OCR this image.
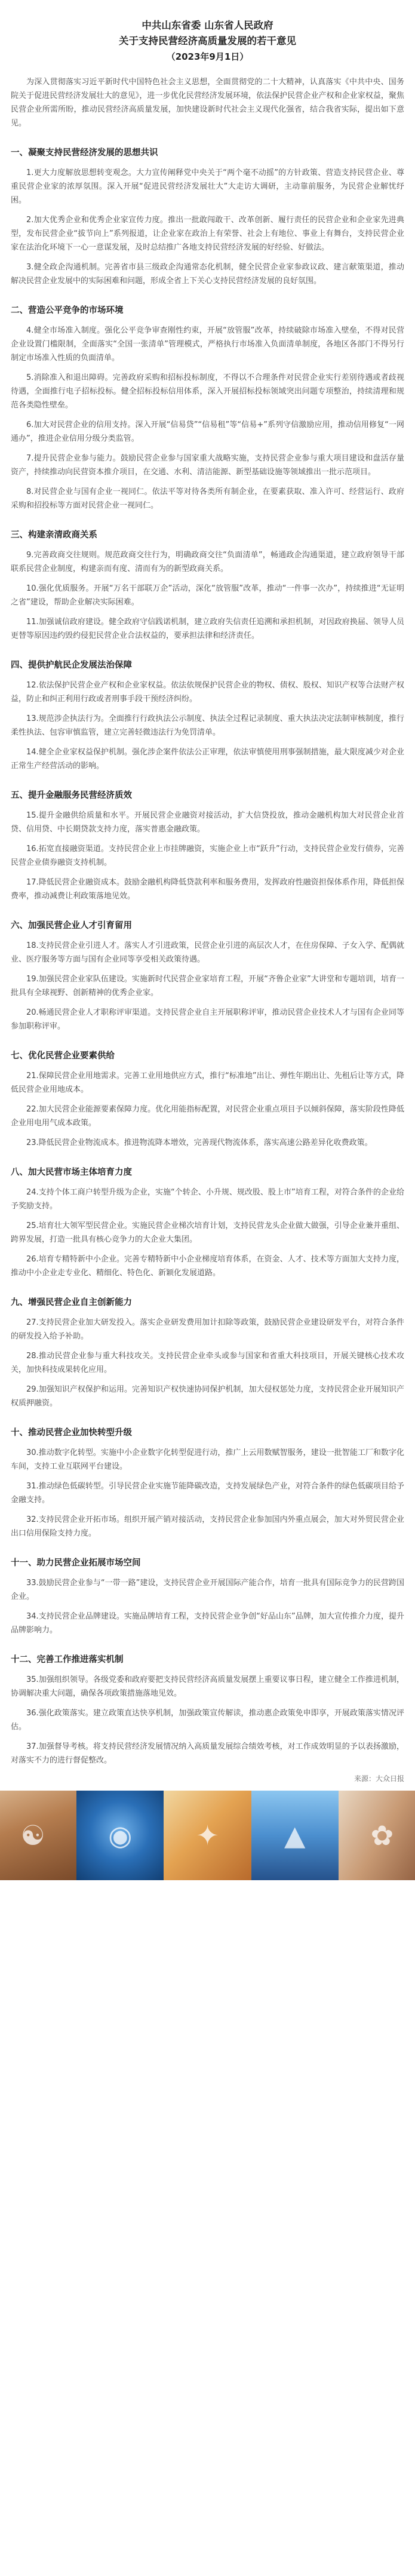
中共山东省委 山东省人民政府
关于支持民营经济高质量发展的若干意见
（2023年9月1日）

为深入贯彻落实习近平新时代中国特色社会主义思想，全面贯彻党的二十大精神，认真落实《中共中央、国务院关于促进民营经济发展壮大的意见》，进一步优化民营经济发展环境，依法保护民营企业产权和企业家权益，聚焦民营企业所需所盼，推动民营经济高质量发展，加快建设新时代社会主义现代化强省，结合我省实际，提出如下意见。

一、凝聚支持民营经济发展的思想共识

1.更大力度解放思想转变观念。大力宣传阐释党中央关于“两个毫不动摇”的方针政策、营造支持民营企业、尊重民营企业家的浓厚氛围。深入开展“促进民营经济发展壮大”大走访大调研，主动靠前服务，为民营企业解忧纾困。

2.加大优秀企业和优秀企业家宣传力度。推出一批敢闯敢干、改革创新、履行责任的民营企业和企业家先进典型，发布民营企业“拔节向上”系列报道，让企业家在政治上有荣誉、社会上有地位、事业上有舞台，支持民营企业家在法治化环境下一心一意谋发展，及时总结推广各地支持民营经济发展的好经验、好做法。

3.健全政企沟通机制。完善省市县三级政企沟通常态化机制，健全民营企业家参政议政、建言献策渠道，推动解决民营企业发展中的实际困难和问题，形成全省上下关心支持民营经济发展的良好氛围。

二、营造公平竞争的市场环境

4.健全市场准入制度。强化公平竞争审查刚性约束，开展“放管服”改革，持续破除市场准入壁垒，不得对民营企业设置门槛限制，全面落实“全国一张清单”管理模式，严格执行市场准入负面清单制度，各地区各部门不得另行制定市场准入性质的负面清单。

5.消除准入和退出障碍。完善政府采购和招标投标制度，不得以不合理条件对民营企业实行差别待遇或者歧视待遇，全面推行电子招标投标。健全招标投标信用体系，深入开展招标投标领域突出问题专项整治，持续清理和规范各类隐性壁垒。

6.加大对民营企业的信用支持。深入开展“信易贷”“信易租”等“信易+”系列守信激励应用，推动信用修复“一网通办”，推进企业信用分级分类监管。

7.提升民营企业参与能力。鼓励民营企业参与国家重大战略实施，支持民营企业参与重大项目建设和盘活存量资产，持续推动向民营资本推介项目，在交通、水利、清洁能源、新型基础设施等领域推出一批示范项目。

8.对民营企业与国有企业一视同仁。依法平等对待各类所有制企业，在要素获取、准入许可、经营运行、政府采购和招投标等方面对民营企业一视同仁。

三、构建亲清政商关系

9.完善政商交往规则。规范政商交往行为，明确政商交往“负面清单”，畅通政企沟通渠道，建立政府领导干部联系民营企业制度，构建亲而有度、清而有为的新型政商关系。

10.强化优质服务。开展“万名干部联万企”活动，深化“放管服”改革，推动“一件事一次办”，持续推进“无证明之省”建设，帮助企业解决实际困难。

11.加强诚信政府建设。健全政府守信践诺机制，建立政府失信责任追溯和承担机制，对因政府换届、领导人员更替等原因违约毁约侵犯民营企业合法权益的，要承担法律和经济责任。

四、提供护航民企发展法治保障

12.依法保护民营企业产权和企业家权益。依法依规保护民营企业的物权、债权、股权、知识产权等合法财产权益，防止和纠正利用行政或者刑事手段干预经济纠纷。

13.规范涉企执法行为。全面推行行政执法公示制度、执法全过程记录制度、重大执法决定法制审核制度，推行柔性执法、包容审慎监管，建立完善轻微违法行为免罚清单。

14.健全企业家权益保护机制。强化涉企案件依法公正审理，依法审慎使用刑事强制措施，最大限度减少对企业正常生产经营活动的影响。

五、提升金融服务民营经济质效

15.提升金融供给质量和水平。开展民营企业融资对接活动，扩大信贷投放，推动金融机构加大对民营企业首贷、信用贷、中长期贷款支持力度，落实普惠金融政策。

16.拓宽直接融资渠道。支持民营企业上市挂牌融资，实施企业上市“跃升”行动，支持民营企业发行债券，完善民营企业债券融资支持机制。

17.降低民营企业融资成本。鼓励金融机构降低贷款利率和服务费用，发挥政府性融资担保体系作用，降低担保费率，推动减费让利政策落地见效。

六、加强民营企业人才引育留用

18.支持民营企业引进人才。落实人才引进政策，民营企业引进的高层次人才，在住房保障、子女入学、配偶就业、医疗服务等方面与国有企业同等享受相关政策待遇。

19.加强民营企业家队伍建设。实施新时代民营企业家培育工程，开展“齐鲁企业家”大讲堂和专题培训，培育一批具有全球视野、创新精神的优秀企业家。

20.畅通民营企业人才职称评审渠道。支持民营企业自主开展职称评审，推动民营企业技术人才与国有企业同等参加职称评审。

七、优化民营企业要素供给

21.保障民营企业用地需求。完善工业用地供应方式，推行“标准地”出让、弹性年期出让、先租后让等方式，降低民营企业用地成本。

22.加大民营企业能源要素保障力度。优化用能指标配置，对民营企业重点项目予以倾斜保障，落实阶段性降低企业用电用气成本政策。

23.降低民营企业物流成本。推进物流降本增效，完善现代物流体系，落实高速公路差异化收费政策。

八、加大民营市场主体培育力度

24.支持个体工商户转型升级为企业，实施“个转企、小升规、规改股、股上市”培育工程，对符合条件的企业给予奖励支持。

25.培育壮大领军型民营企业。实施民营企业梯次培育计划，支持民营龙头企业做大做强，引导企业兼并重组、跨界发展，打造一批具有核心竞争力的大企业大集团。

26.培育专精特新中小企业。完善专精特新中小企业梯度培育体系，在资金、人才、技术等方面加大支持力度，推动中小企业走专业化、精细化、特色化、新颖化发展道路。

九、增强民营企业自主创新能力

27.支持民营企业加大研发投入。落实企业研发费用加计扣除等政策，鼓励民营企业建设研发平台，对符合条件的研发投入给予补助。

28.推动民营企业参与重大科技攻关。支持民营企业牵头或参与国家和省重大科技项目，开展关键核心技术攻关，加快科技成果转化应用。

29.加强知识产权保护和运用。完善知识产权快速协同保护机制，加大侵权惩处力度，支持民营企业开展知识产权质押融资。

十、推动民营企业加快转型升级

30.推动数字化转型。实施中小企业数字化转型促进行动，推广上云用数赋智服务，建设一批智能工厂和数字化车间，支持工业互联网平台建设。

31.推动绿色低碳转型。引导民营企业实施节能降碳改造，支持发展绿色产业，对符合条件的绿色低碳项目给予金融支持。

32.支持民营企业开拓市场。组织开展产销对接活动，支持民营企业参加国内外重点展会，加大对外贸民营企业出口信用保险支持力度。

十一、助力民营企业拓展市场空间

33.鼓励民营企业参与“一带一路”建设，支持民营企业开展国际产能合作，培育一批具有国际竞争力的民营跨国企业。

34.支持民营企业品牌建设。实施品牌培育工程，支持民营企业争创“好品山东”品牌，加大宣传推介力度，提升品牌影响力。

十二、完善工作推进落实机制

35.加强组织领导。各级党委和政府要把支持民营经济高质量发展摆上重要议事日程，建立健全工作推进机制，协调解决重大问题，确保各项政策措施落地见效。

36.强化政策落实。建立政策直达快享机制，加强政策宣传解读，推动惠企政策免申即享，开展政策落实情况评估。

37.加强督导考核。将支持民营经济发展情况纳入高质量发展综合绩效考核，对工作成效明显的予以表扬激励，对落实不力的进行督促整改。

来源：大众日报
☯ ◉ ✦ ▲ ✿
